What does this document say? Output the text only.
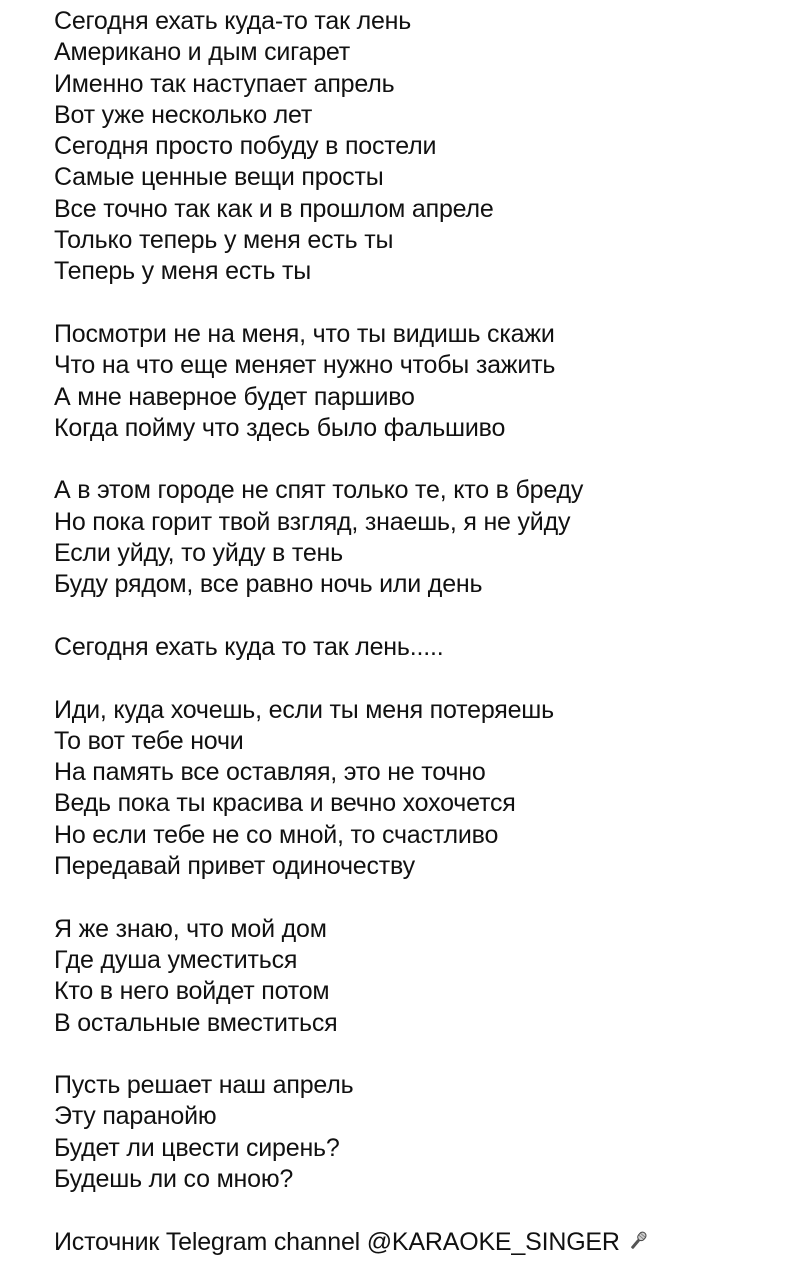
Сегодня ехать куда-то так лень
Американо и дым сигарет
Именно так наступает апрель
Вот уже несколько лет
Сегодня просто побуду в постели
Самые ценные вещи просты
Все точно так как и в прошлом апреле
Только теперь у меня есть ты
Теперь у меня есть ты
Посмотри не на меня, что ты видишь скажи
Что на что еще меняет нужно чтобы зажить
А мне наверное будет паршиво
Когда пойму что здесь было фальшиво
А в этом городе не спят только те, кто в бреду
Но пока горит твой взгляд, знаешь, я не уйду
Если уйду, то уйду в тень
Буду рядом, все равно ночь или день
Сегодня ехать куда то так лень.....
Иди, куда хочешь, если ты меня потеряешь
То вот тебе ночи
На память все оставляя, это не точно
Ведь пока ты красива и вечно хохочется
Но если тебе не со мной, то счастливо
Передавай привет одиночеству
Я же знаю, что мой дом
Где душа уместиться
Кто в него войдет потом
В остальные вместиться
Пусть решает наш апрель
Эту паранойю
Будет ли цвести сирень?
Будешь ли со мною?
Источник Telegram channel @KARAOKE_SINGER
